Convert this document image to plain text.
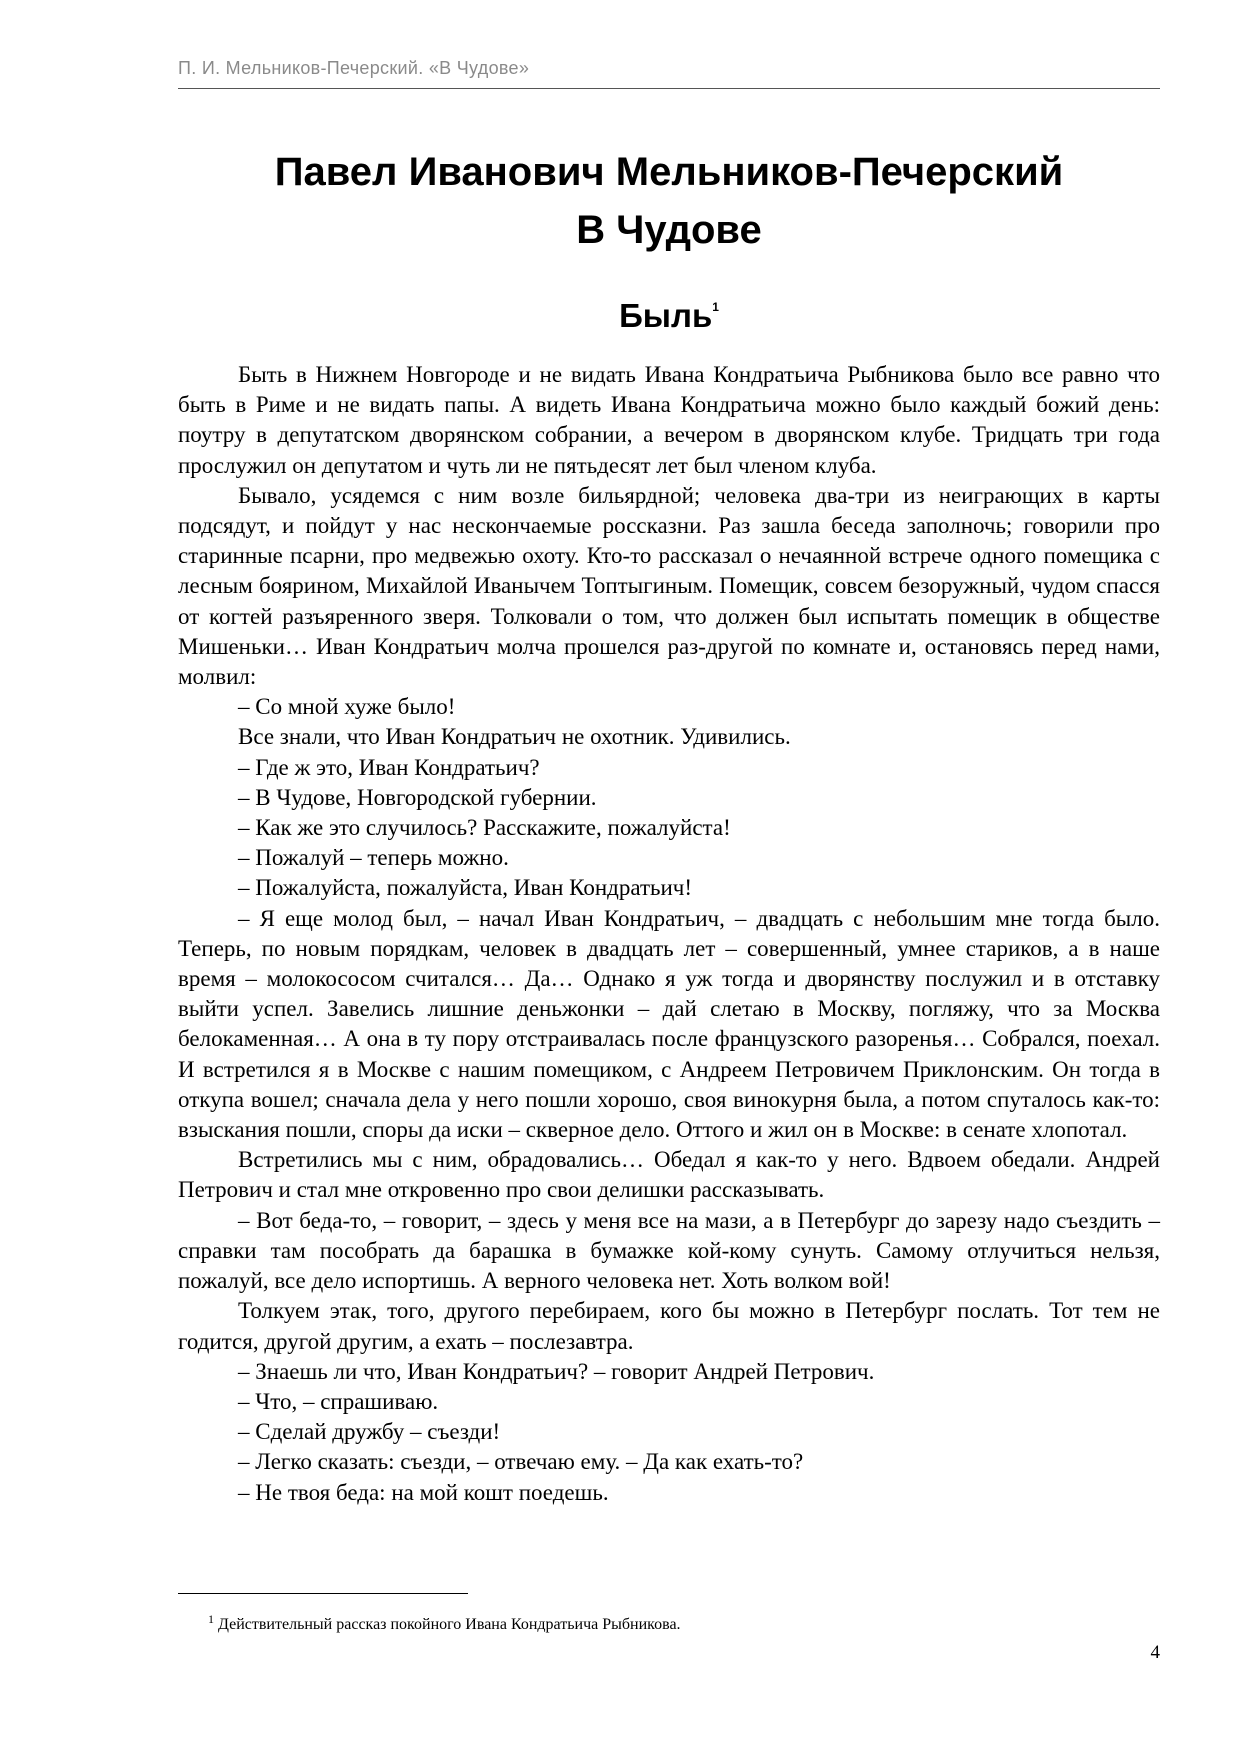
П. И. Мельников-Печерский. «В Чудове»
Павел Иванович Мельников-Печерский
В Чудове
Быль$^1$

Быть в Нижнем Новгороде и не видать Ивана Кондратьича Рыбникова было все равно что быть в Риме и не видать папы. А видеть Ивана Кондратьича можно было каждый божий день: поутру в депутатском дворянском собрании, а вечером в дворянском клубе. Тридцать три года прослужил он депутатом и чуть ли не пятьдесят лет был членом клуба.

Бывало, усядемся с ним возле бильярдной; человека два-три из неиграющих в карты подсядут, и пойдут у нас нескончаемые россказни. Раз зашла беседа заполночь; говорили про старинные псарни, про медвежью охоту. Кто-то рассказал о нечаянной встрече одного помещика с лесным боярином, Михайлой Иванычем Топтыгиным. Помещик, совсем безоружный, чудом спасся от когтей разъяренного зверя. Толковали о том, что должен был испытать помещик в обществе Мишеньки… Иван Кондратьич молча прошелся раз-другой по комнате и, остановясь перед нами, молвил:

– Со мной хуже было!

Все знали, что Иван Кондратьич не охотник. Удивились.

– Где ж это, Иван Кондратьич?

– В Чудове, Новгородской губернии.

– Как же это случилось? Расскажите, пожалуйста!

– Пожалуй – теперь можно.

– Пожалуйста, пожалуйста, Иван Кондратьич!

– Я еще молод был, – начал Иван Кондратьич, – двадцать с небольшим мне тогда было. Теперь, по новым порядкам, человек в двадцать лет – совершенный, умнее стариков, а в наше время – молокососом считался… Да… Однако я уж тогда и дворянству послужил и в отставку выйти успел. Завелись лишние деньжонки – дай слетаю в Москву, погляжу, что за Москва белокаменная… А она в ту пору отстраивалась после французского разоренья… Собрался, поехал. И встретился я в Москве с нашим помещиком, с Андреем Петровичем Приклонским. Он тогда в откупа вошел; сначала дела у него пошли хорошо, своя винокурня была, а потом спуталось как-то: взыскания пошли, споры да иски – скверное дело. Оттого и жил он в Москве: в сенате хлопотал.

Встретились мы с ним, обрадовались… Обедал я как-то у него. Вдвоем обедали. Андрей Петрович и стал мне откровенно про свои делишки рассказывать.

– Вот беда-то, – говорит, – здесь у меня все на мази, а в Петербург до зарезу надо съездить – справки там пособрать да барашка в бумажке кой-кому сунуть. Самому отлучиться нельзя, пожалуй, все дело испортишь. А верного человека нет. Хоть волком вой!

Толкуем этак, того, другого перебираем, кого бы можно в Петербург послать. Тот тем не годится, другой другим, а ехать – послезавтра.

– Знаешь ли что, Иван Кондратьич? – говорит Андрей Петрович.

– Что, – спрашиваю.

– Сделай дружбу – съезди!

– Легко сказать: съезди, – отвечаю ему. – Да как ехать-то?

– Не твоя беда: на мой кошт поедешь.

$^1$ Действительный рассказ покойного Ивана Кондратьича Рыбникова.
4
